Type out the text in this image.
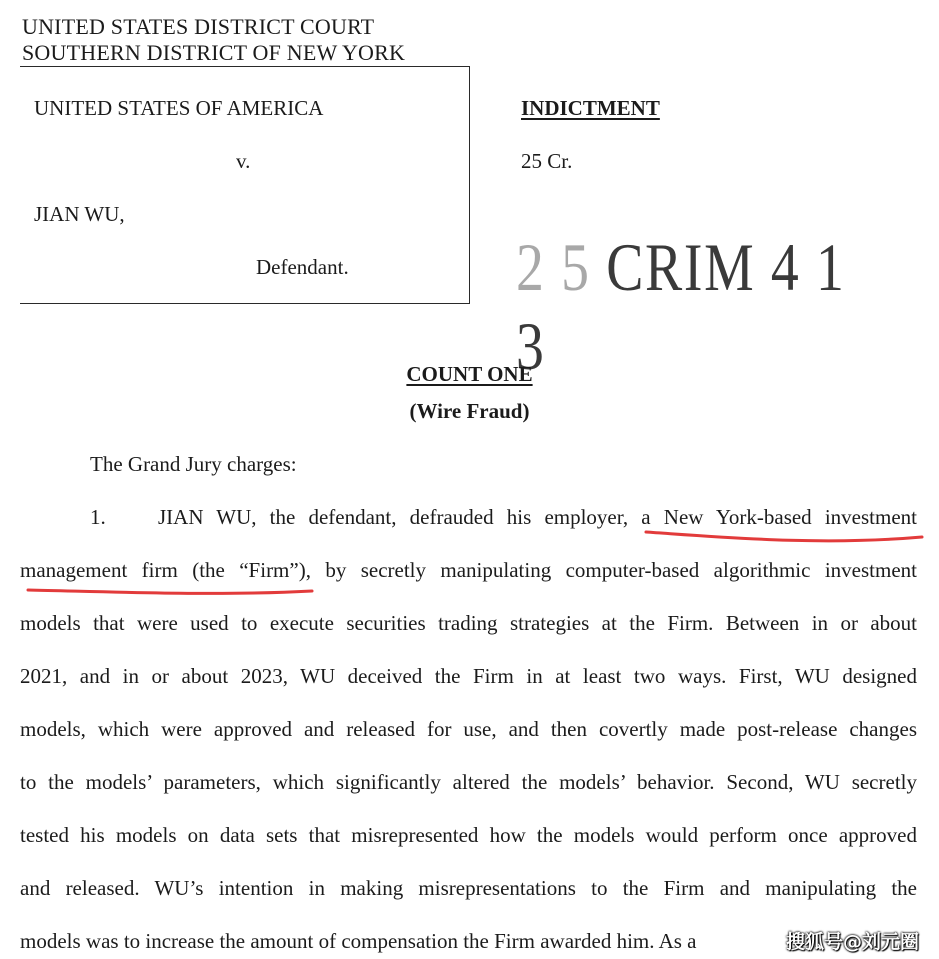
UNITED STATES DISTRICT COURT
SOUTHERN DISTRICT OF NEW YORK
UNITED STATES OF AMERICA
v.
JIAN WU,
Defendant.
INDICTMENT
25 Cr.
2 5 CRIM 4 1 3
COUNT ONE
(Wire Fraud)
The Grand Jury charges:
1. JIAN WU, the defendant, defrauded his employer, a New York-based investment
management firm (the “Firm”), by secretly manipulating computer-based algorithmic investment
models that were used to execute securities trading strategies at the Firm. Between in or about
2021, and in or about 2023, WU deceived the Firm in at least two ways. First, WU designed
models, which were approved and released for use, and then covertly made post-release changes
to the models’ parameters, which significantly altered the models’ behavior. Second, WU secretly
tested his models on data sets that misrepresented how the models would perform once approved
and released. WU’s intention in making misrepresentations to the Firm and manipulating the
models was to increase the amount of compensation the Firm awarded him. As a	搜狐号@刘元圈
